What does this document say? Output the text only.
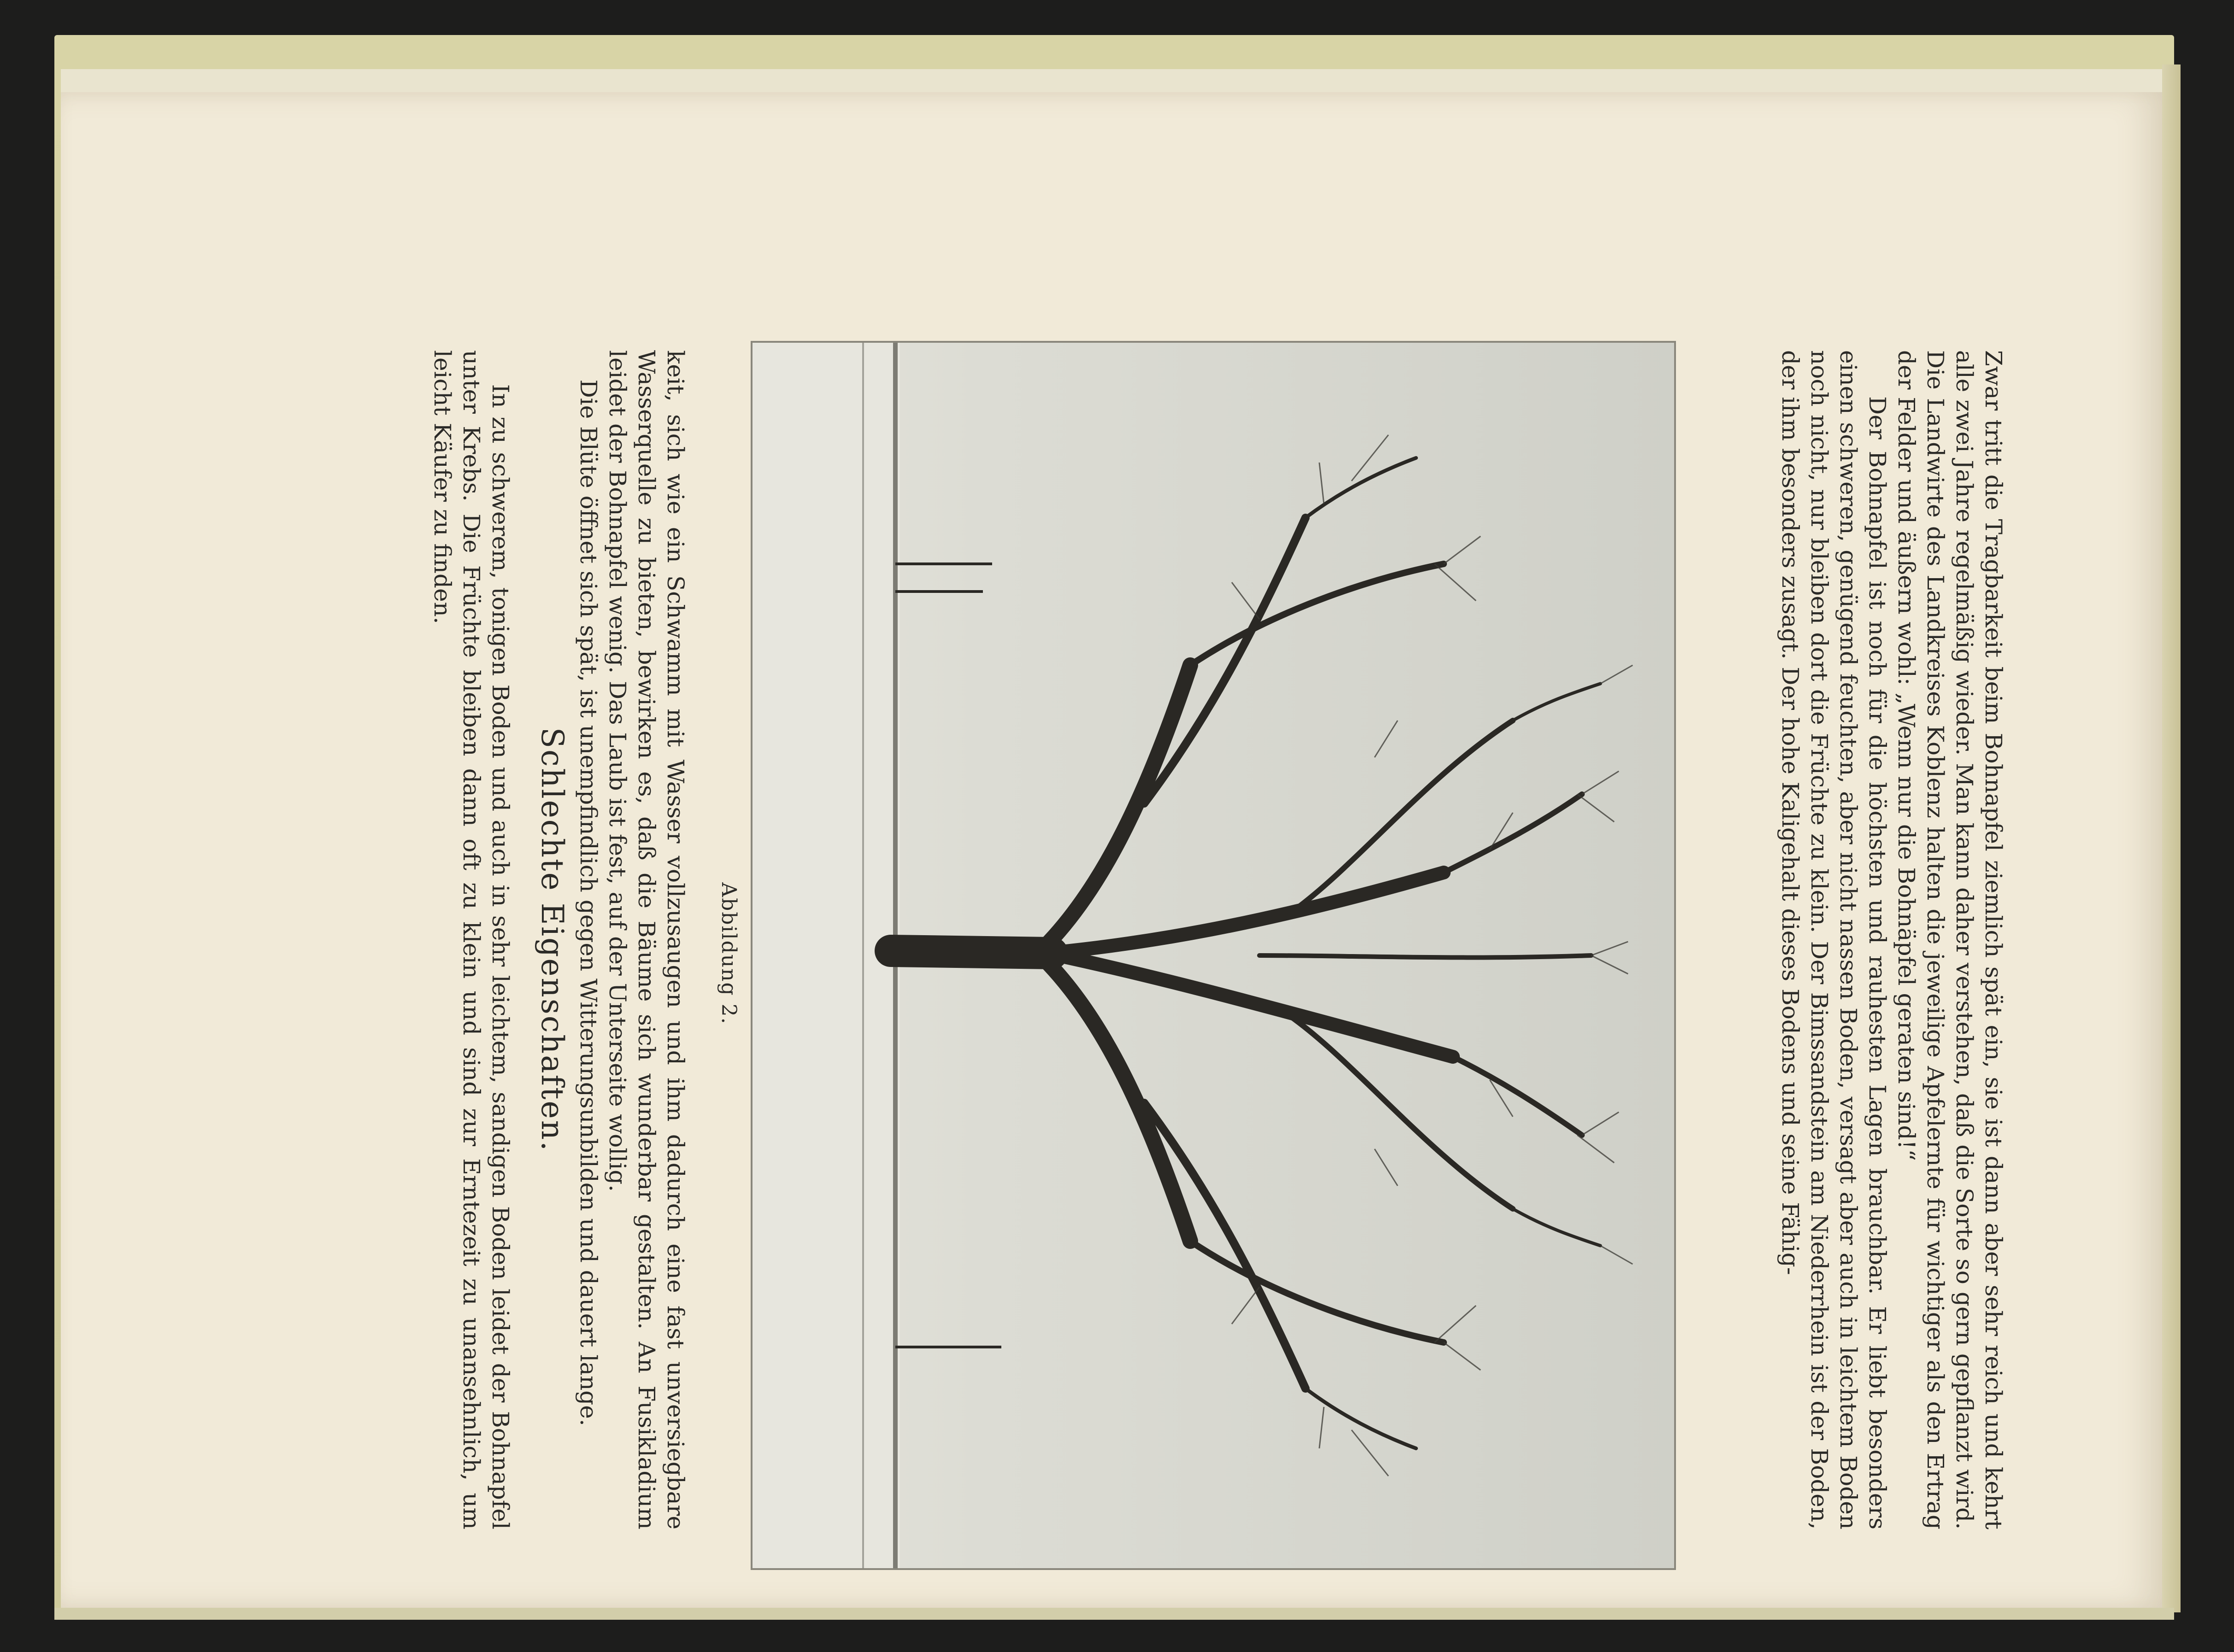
Zwar tritt die Tragbarkeit beim Bohnapfel ziemlich spät ein, sie ist dann aber sehr reich und kehrt alle zwei Jahre regelmäßig wieder. Man kann daher verstehen, daß die Sorte so gern gepflanzt wird. Die Landwirte des Landkreises Koblenz halten die jeweilige Apfelernte für wichtiger als den Ertrag der Felder und äußern wohl: „Wenn nur die Bohnäpfel geraten sind!“
Der Bohnapfel ist noch für die höchsten und rauhesten Lagen brauchbar. Er liebt besonders einen schweren, genügend feuchten, aber nicht nassen Boden, versagt aber auch in leichtem Boden noch nicht, nur bleiben dort die Früchte zu klein. Der Bimssandstein am Niederrhein ist der Boden, der ihm besonders zusagt. Der hohe Kaligehalt dieses Bodens und seine Fähig-

Abbildung 2.

keit, sich wie ein Schwamm mit Wasser vollzusaugen und ihm dadurch eine fast unversiegbare Wasserquelle zu bieten, bewirken es, daß die Bäume sich wunderbar gestalten. An Fusikladium leidet der Bohnapfel wenig. Das Laub ist fest, auf der Unterseite wollig.
Die Blüte öffnet sich spät, ist unempfindlich gegen Witterungsunbilden und dauert lange.

Schlechte Eigenschaften.

In zu schwerem, tonigen Boden und auch in sehr leichtem, sandigen Boden leidet der Bohnapfel unter Krebs. Die Früchte bleiben dann oft zu klein und sind zur Erntezeit zu unansehnlich, um leicht Käufer zu finden.
